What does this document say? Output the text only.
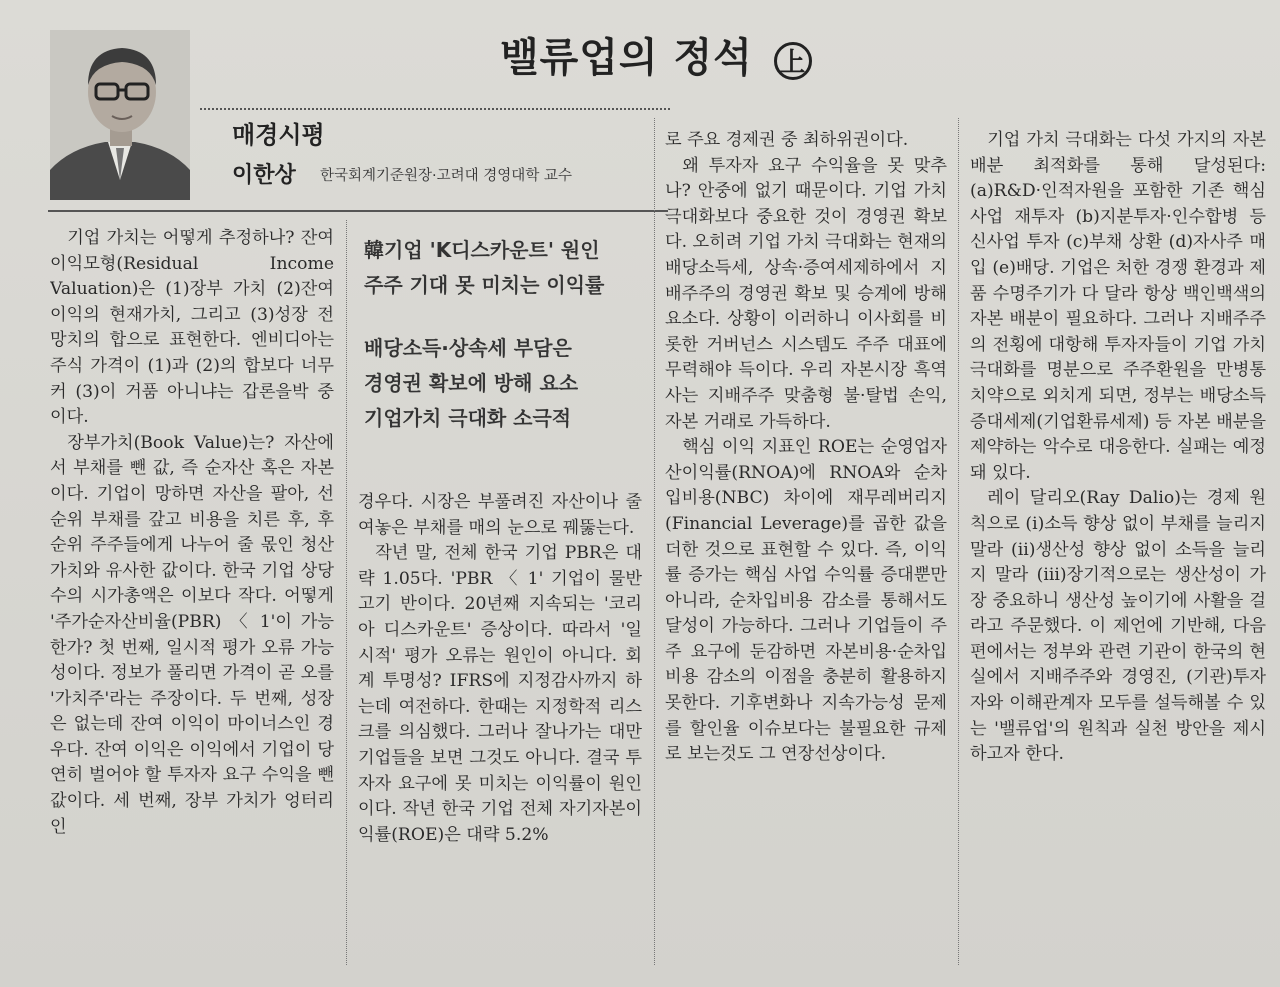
밸류업의 정석 上
매경시평
이한상 한국회계기준원장·고려대 경영대학 교수

기업 가치는 어떻게 추정하나? 잔여이익모형(Residual Income Valuation)은 (1)장부 가치 (2)잔여 이익의 현재가치, 그리고 (3)성장 전망치의 합으로 표현한다. 엔비디아는 주식 가격이 (1)과 (2)의 합보다 너무 커 (3)이 거품 아니냐는 갑론을박 중이다.

장부가치(Book Value)는? 자산에서 부채를 뺀 값, 즉 순자산 혹은 자본이다. 기업이 망하면 자산을 팔아, 선순위 부채를 갚고 비용을 치른 후, 후순위 주주들에게 나누어 줄 몫인 청산 가치와 유사한 값이다. 한국 기업 상당수의 시가총액은 이보다 작다. 어떻게 '주가순자산비율(PBR) 〈 1'이 가능한가? 첫 번째, 일시적 평가 오류 가능성이다. 정보가 풀리면 가격이 곧 오를 '가치주'라는 주장이다. 두 번째, 성장은 없는데 잔여 이익이 마이너스인 경우다. 잔여 이익은 이익에서 기업이 당연히 벌어야 할 투자자 요구 수익을 뺀 값이다. 세 번째, 장부 가치가 엉터리인

韓기업 'K디스카운트' 원인
주주 기대 못 미치는 이익률
배당소득·상속세 부담은
경영권 확보에 방해 요소
기업가치 극대화 소극적

경우다. 시장은 부풀려진 자산이나 줄여놓은 부채를 매의 눈으로 꿰뚫는다.

작년 말, 전체 한국 기업 PBR은 대략 1.05다. 'PBR 〈 1' 기업이 물반 고기 반이다. 20년째 지속되는 '코리아 디스카운트' 증상이다. 따라서 '일시적' 평가 오류는 원인이 아니다. 회계 투명성? IFRS에 지정감사까지 하는데 여전하다. 한때는 지정학적 리스크를 의심했다. 그러나 잘나가는 대만 기업들을 보면 그것도 아니다. 결국 투자자 요구에 못 미치는 이익률이 원인이다. 작년 한국 기업 전체 자기자본이익률(ROE)은 대략 5.2%

로 주요 경제권 중 최하위권이다.

왜 투자자 요구 수익율을 못 맞추나? 안중에 없기 때문이다. 기업 가치 극대화보다 중요한 것이 경영권 확보다. 오히려 기업 가치 극대화는 현재의 배당소득세, 상속·증여세제하에서 지배주주의 경영권 확보 및 승계에 방해 요소다. 상황이 이러하니 이사회를 비롯한 거버넌스 시스템도 주주 대표에 무력해야 득이다. 우리 자본시장 흑역사는 지배주주 맞춤형 불·탈법 손익, 자본 거래로 가득하다.

핵심 이익 지표인 ROE는 순영업자산이익률(RNOA)에 RNOA와 순차입비용(NBC) 차이에 재무레버리지(Financial Leverage)를 곱한 값을 더한 것으로 표현할 수 있다. 즉, 이익률 증가는 핵심 사업 수익률 증대뿐만 아니라, 순차입비용 감소를 통해서도 달성이 가능하다. 그러나 기업들이 주주 요구에 둔감하면 자본비용·순차입비용 감소의 이점을 충분히 활용하지 못한다. 기후변화나 지속가능성 문제를 할인율 이슈보다는 불필요한 규제로 보는것도 그 연장선상이다.

기업 가치 극대화는 다섯 가지의 자본 배분 최적화를 통해 달성된다: (a)R&D·인적자원을 포함한 기존 핵심 사업 재투자 (b)지분투자·인수합병 등 신사업 투자 (c)부채 상환 (d)자사주 매입 (e)배당. 기업은 처한 경쟁 환경과 제품 수명주기가 다 달라 항상 백인백색의 자본 배분이 필요하다. 그러나 지배주주의 전횡에 대항해 투자자들이 기업 가치 극대화를 명분으로 주주환원을 만병통치약으로 외치게 되면, 정부는 배당소득 증대세제(기업환류세제) 등 자본 배분을 제약하는 악수로 대응한다. 실패는 예정돼 있다.

레이 달리오(Ray Dalio)는 경제 원칙으로 (i)소득 향상 없이 부채를 늘리지 말라 (ii)생산성 향상 없이 소득을 늘리지 말라 (iii)장기적으로는 생산성이 가장 중요하니 생산성 높이기에 사활을 걸라고 주문했다. 이 제언에 기반해, 다음 편에서는 정부와 관련 기관이 한국의 현실에서 지배주주와 경영진, (기관)투자자와 이해관계자 모두를 설득해볼 수 있는 '밸류업'의 원칙과 실천 방안을 제시하고자 한다.
